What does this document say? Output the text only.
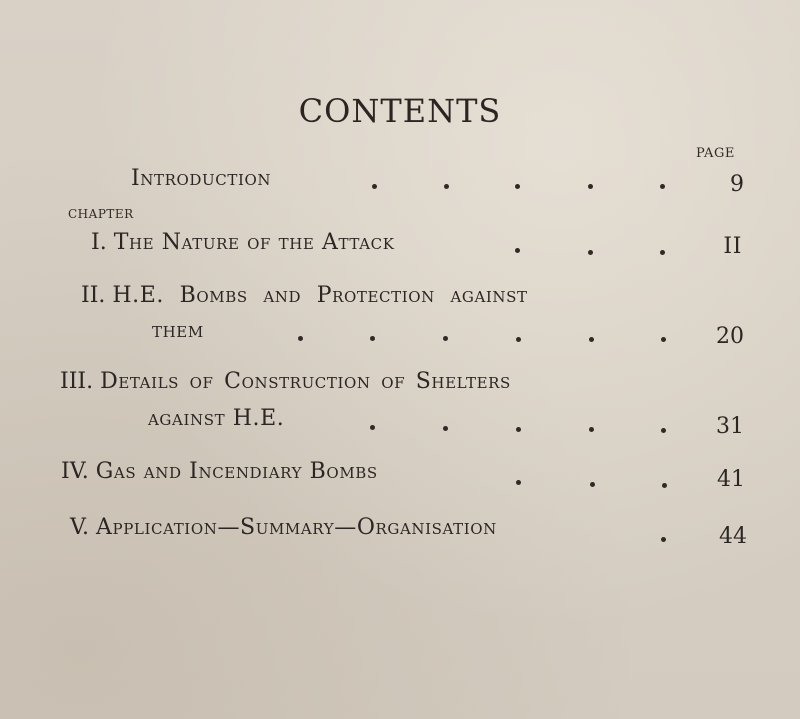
CONTENTS
PAGE
Introduction	9
CHAPTER
I. The Nature of the Attack	II
II. H.E. Bombs and Protection against
them	20
III. Details of Construction of Shelters
against H.E.	31
IV. Gas and Incendiary Bombs	41
V. Application—Summary—Organisation	44
